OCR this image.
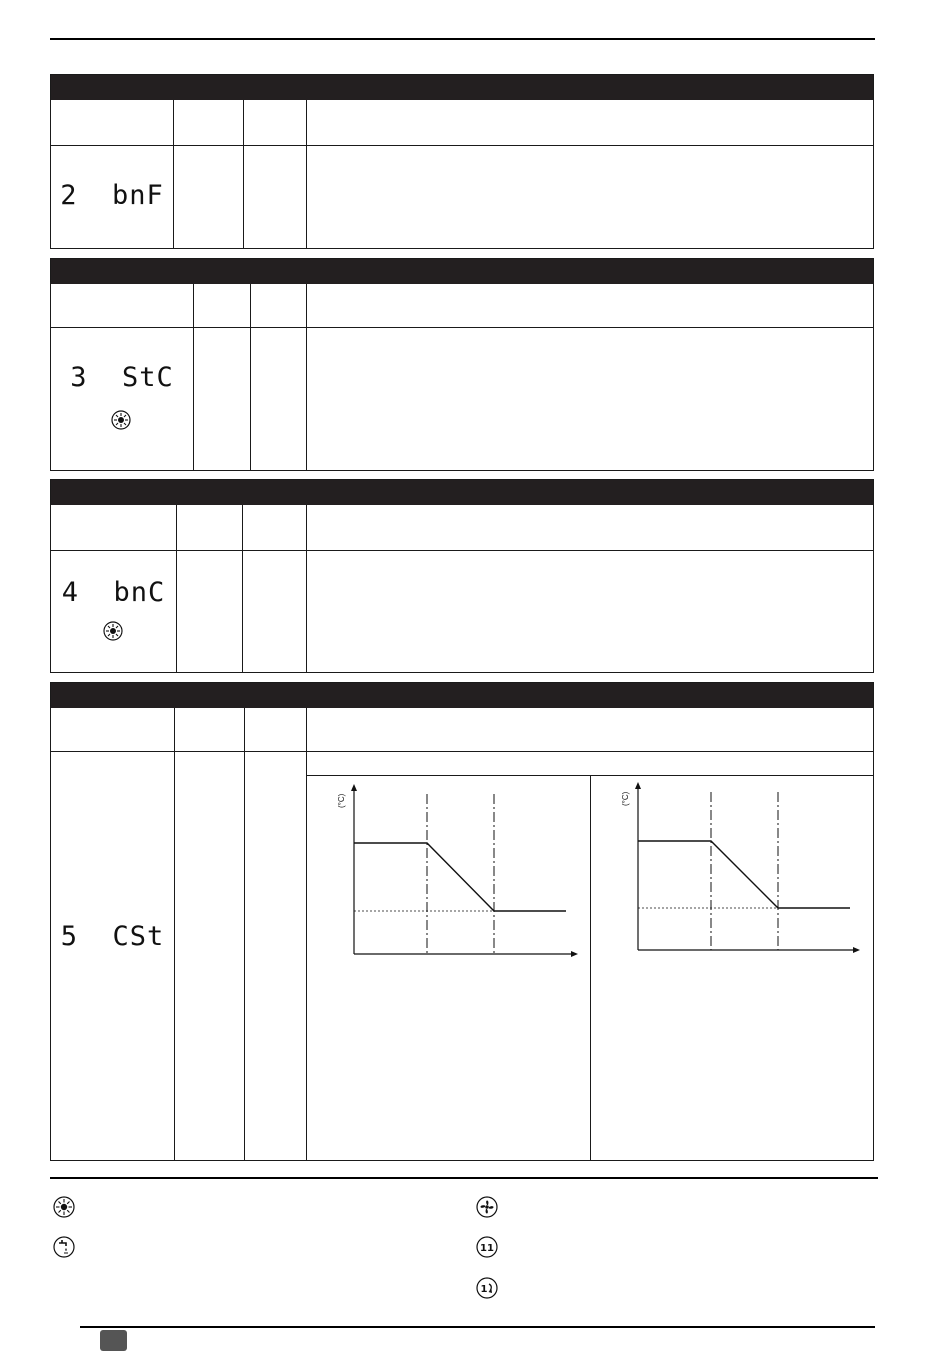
2  bnF
3  StC
4  bnC
5  CSt
(°C)	(°C)
11
1
